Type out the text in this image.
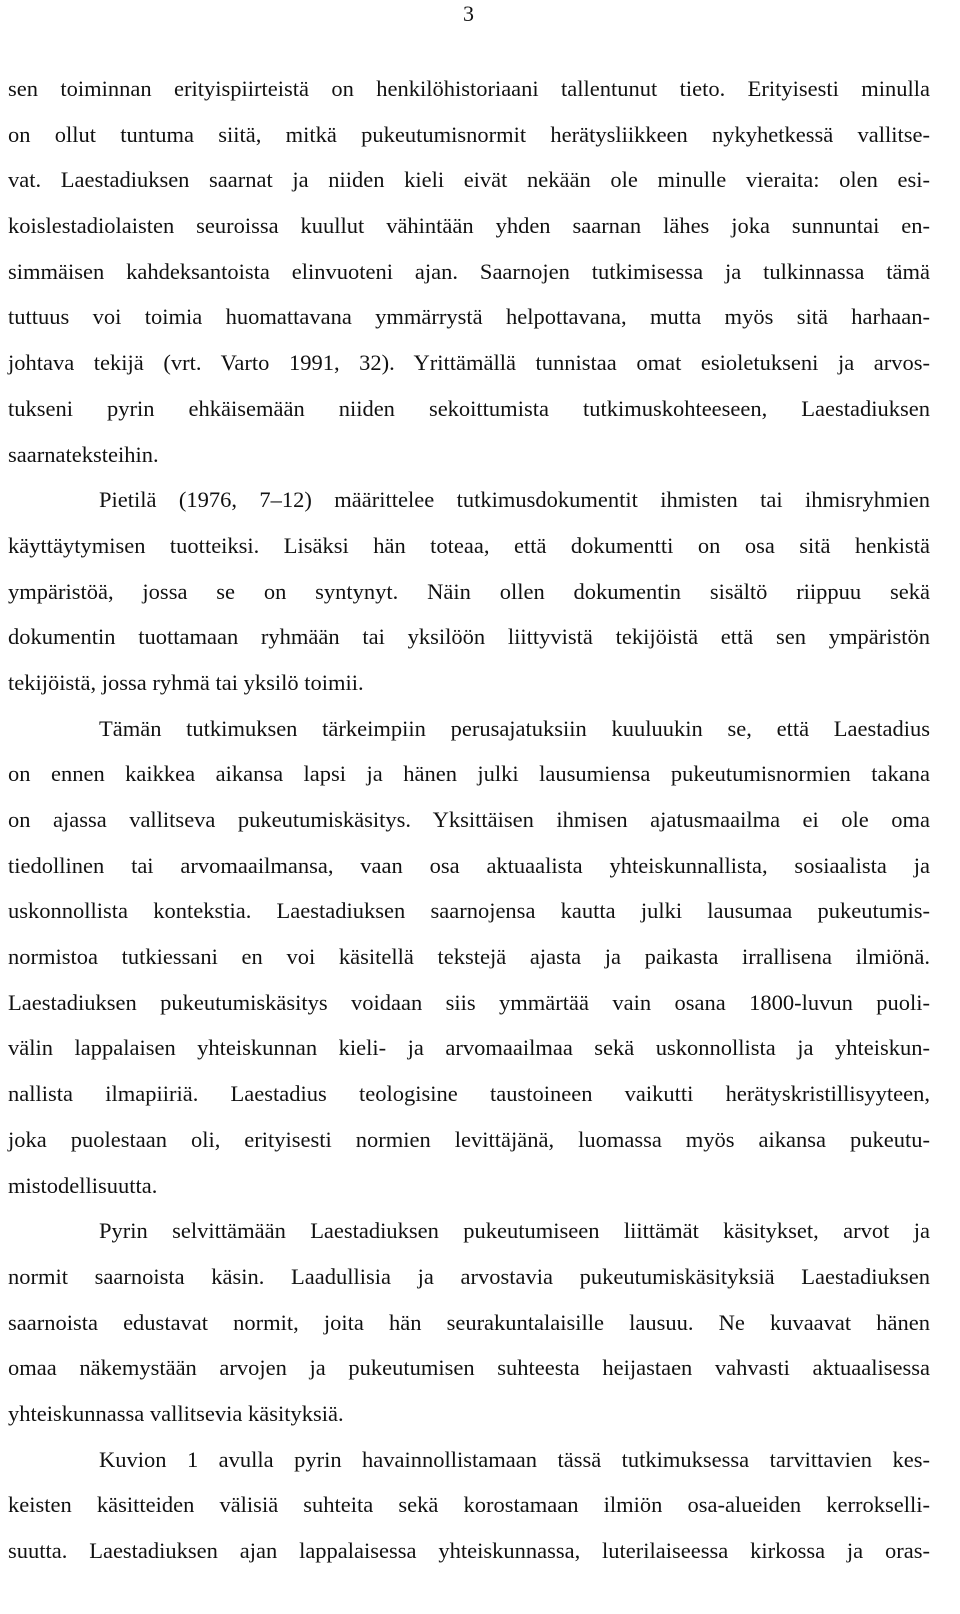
3
sen toiminnan erityispiirteistä on henkilöhistoriaani tallentunut tieto. Erityisesti minulla
on ollut tuntuma siitä, mitkä pukeutumisnormit herätysliikkeen nykyhetkessä vallitse-
vat. Laestadiuksen saarnat ja niiden kieli eivät nekään ole minulle vieraita: olen esi-
koislestadiolaisten seuroissa kuullut vähintään yhden saarnan lähes joka sunnuntai en-
simmäisen kahdeksantoista elinvuoteni ajan. Saarnojen tutkimisessa ja tulkinnassa tämä
tuttuus voi toimia huomattavana ymmärrystä helpottavana, mutta myös sitä harhaan-
johtava tekijä (vrt. Varto 1991, 32). Yrittämällä tunnistaa omat esioletukseni ja arvos-
tukseni pyrin ehkäisemään niiden sekoittumista tutkimuskohteeseen, Laestadiuksen
saarnateksteihin.
Pietilä (1976, 7–12) määrittelee tutkimusdokumentit ihmisten tai ihmisryhmien
käyttäytymisen tuotteiksi. Lisäksi hän toteaa, että dokumentti on osa sitä henkistä
ympäristöä, jossa se on syntynyt. Näin ollen dokumentin sisältö riippuu sekä
dokumentin tuottamaan ryhmään tai yksilöön liittyvistä tekijöistä että sen ympäristön
tekijöistä, jossa ryhmä tai yksilö toimii.
Tämän tutkimuksen tärkeimpiin perusajatuksiin kuuluukin se, että Laestadius
on ennen kaikkea aikansa lapsi ja hänen julki lausumiensa pukeutumisnormien takana
on ajassa vallitseva pukeutumiskäsitys. Yksittäisen ihmisen ajatusmaailma ei ole oma
tiedollinen tai arvomaailmansa, vaan osa aktuaalista yhteiskunnallista, sosiaalista ja
uskonnollista kontekstia. Laestadiuksen saarnojensa kautta julki lausumaa pukeutumis-
normistoa tutkiessani en voi käsitellä tekstejä ajasta ja paikasta irrallisena ilmiönä.
Laestadiuksen pukeutumiskäsitys voidaan siis ymmärtää vain osana 1800-luvun puoli-
välin lappalaisen yhteiskunnan kieli- ja arvomaailmaa sekä uskonnollista ja yhteiskun-
nallista ilmapiiriä. Laestadius teologisine taustoineen vaikutti herätyskristillisyyteen,
joka puolestaan oli, erityisesti normien levittäjänä, luomassa myös aikansa pukeutu-
mistodellisuutta.
Pyrin selvittämään Laestadiuksen pukeutumiseen liittämät käsitykset, arvot ja
normit saarnoista käsin. Laadullisia ja arvostavia pukeutumiskäsityksiä Laestadiuksen
saarnoista edustavat normit, joita hän seurakuntalaisille lausuu. Ne kuvaavat hänen
omaa näkemystään arvojen ja pukeutumisen suhteesta heijastaen vahvasti aktuaalisessa
yhteiskunnassa vallitsevia käsityksiä.
Kuvion 1 avulla pyrin havainnollistamaan tässä tutkimuksessa tarvittavien kes-
keisten käsitteiden välisiä suhteita sekä korostamaan ilmiön osa-alueiden kerrokselli-
suutta. Laestadiuksen ajan lappalaisessa yhteiskunnassa, luterilaiseessa kirkossa ja oras-
